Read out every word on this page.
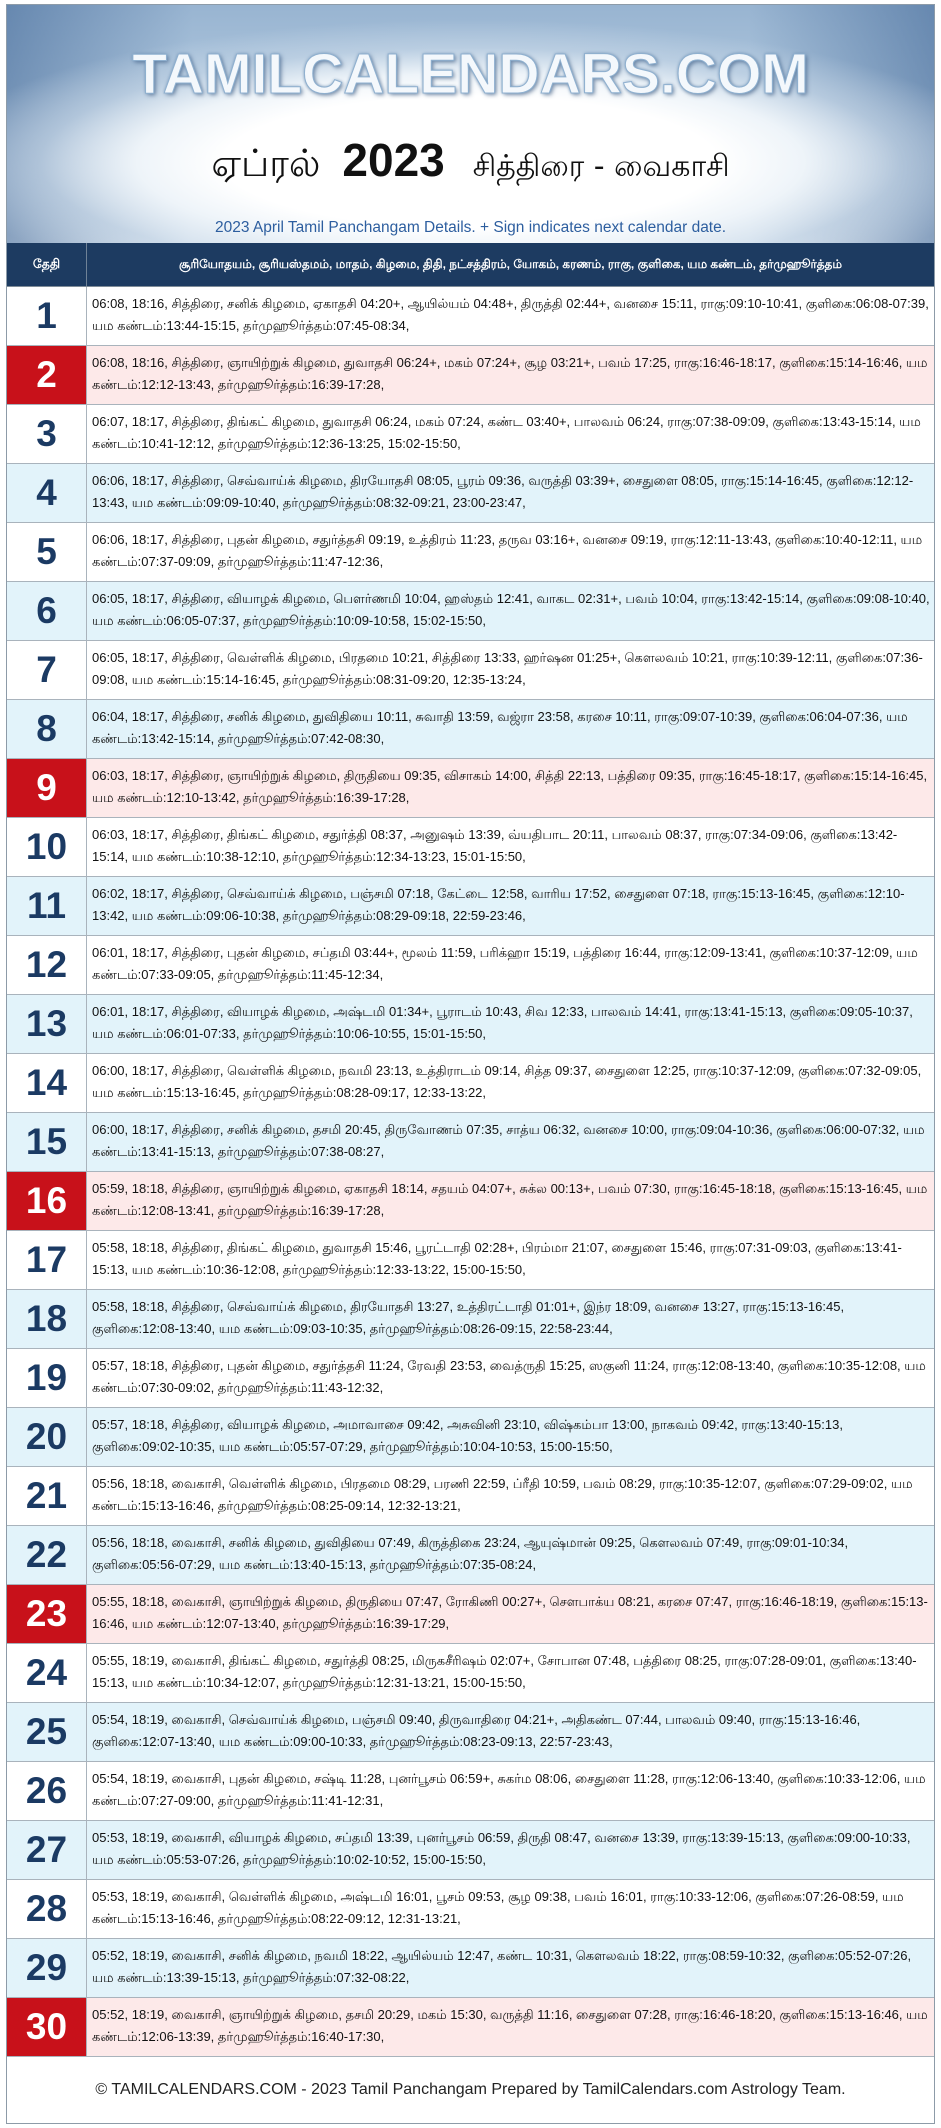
TAMILCALENDARS.COM
ஏப்ரல் 2023 சித்திரை - வைகாசி
2023 April Tamil Panchangam Details. + Sign indicates next calendar date.
தேதி	சூரியோதயம், சூரியஸ்தமம், மாதம், கிழமை, திதி, நட்சத்திரம், யோகம், கரணம், ராகு, குளிகை, யம கண்டம், தர்முஹூர்த்தம்
1	06:08, 18:16, சித்திரை, சனிக் கிழமை, ஏகாதசி 04:20+, ஆயில்யம் 04:48+, திருத்தி 02:44+, வனசை 15:11, ராகு:09:10-10:41, குளிகை:06:08-07:39, யம கண்டம்:13:44-15:15, தர்முஹூர்த்தம்:07:45-08:34,
2	06:08, 18:16, சித்திரை, ஞாயிற்றுக் கிழமை, துவாதசி 06:24+, மகம் 07:24+, சூழ 03:21+, பவம் 17:25, ராகு:16:46-18:17, குளிகை:15:14-16:46, யம கண்டம்:12:12-13:43, தர்முஹூர்த்தம்:16:39-17:28,
3	06:07, 18:17, சித்திரை, திங்கட் கிழமை, துவாதசி 06:24, மகம் 07:24, கண்ட 03:40+, பாலவம் 06:24, ராகு:07:38-09:09, குளிகை:13:43-15:14, யம கண்டம்:10:41-12:12, தர்முஹூர்த்தம்:12:36-13:25, 15:02-15:50,
4	06:06, 18:17, சித்திரை, செவ்வாய்க் கிழமை, திரயோதசி 08:05, பூரம் 09:36, வருத்தி 03:39+, சைதுளை 08:05, ராகு:15:14-16:45, குளிகை:12:12-13:43, யம கண்டம்:09:09-10:40, தர்முஹூர்த்தம்:08:32-09:21, 23:00-23:47,
5	06:06, 18:17, சித்திரை, புதன் கிழமை, சதுர்த்தசி 09:19, உத்திரம் 11:23, தருவ 03:16+, வனசை 09:19, ராகு:12:11-13:43, குளிகை:10:40-12:11, யம கண்டம்:07:37-09:09, தர்முஹூர்த்தம்:11:47-12:36,
6	06:05, 18:17, சித்திரை, வியாழக் கிழமை, பௌர்ணமி 10:04, ஹஸ்தம் 12:41, வாகட 02:31+, பவம் 10:04, ராகு:13:42-15:14, குளிகை:09:08-10:40, யம கண்டம்:06:05-07:37, தர்முஹூர்த்தம்:10:09-10:58, 15:02-15:50,
7	06:05, 18:17, சித்திரை, வெள்ளிக் கிழமை, பிரதமை 10:21, சித்திரை 13:33, ஹர்ஷன 01:25+, கௌலவம் 10:21, ராகு:10:39-12:11, குளிகை:07:36-09:08, யம கண்டம்:15:14-16:45, தர்முஹூர்த்தம்:08:31-09:20, 12:35-13:24,
8	06:04, 18:17, சித்திரை, சனிக் கிழமை, துவிதியை 10:11, சுவாதி 13:59, வஜ்ரா 23:58, கரசை 10:11, ராகு:09:07-10:39, குளிகை:06:04-07:36, யம கண்டம்:13:42-15:14, தர்முஹூர்த்தம்:07:42-08:30,
9	06:03, 18:17, சித்திரை, ஞாயிற்றுக் கிழமை, திருதியை 09:35, விசாகம் 14:00, சித்தி 22:13, பத்திரை 09:35, ராகு:16:45-18:17, குளிகை:15:14-16:45, யம கண்டம்:12:10-13:42, தர்முஹூர்த்தம்:16:39-17:28,
10	06:03, 18:17, சித்திரை, திங்கட் கிழமை, சதுர்த்தி 08:37, அனுஷம் 13:39, வ்யதிபாட 20:11, பாலவம் 08:37, ராகு:07:34-09:06, குளிகை:13:42-15:14, யம கண்டம்:10:38-12:10, தர்முஹூர்த்தம்:12:34-13:23, 15:01-15:50,
11	06:02, 18:17, சித்திரை, செவ்வாய்க் கிழமை, பஞ்சமி 07:18, கேட்டை 12:58, வாரிய 17:52, சைதுளை 07:18, ராகு:15:13-16:45, குளிகை:12:10-13:42, யம கண்டம்:09:06-10:38, தர்முஹூர்த்தம்:08:29-09:18, 22:59-23:46,
12	06:01, 18:17, சித்திரை, புதன் கிழமை, சப்தமி 03:44+, மூலம் 11:59, பரிக்ஹா 15:19, பத்திரை 16:44, ராகு:12:09-13:41, குளிகை:10:37-12:09, யம கண்டம்:07:33-09:05, தர்முஹூர்த்தம்:11:45-12:34,
13	06:01, 18:17, சித்திரை, வியாழக் கிழமை, அஷ்டமி 01:34+, பூராடம் 10:43, சிவ 12:33, பாலவம் 14:41, ராகு:13:41-15:13, குளிகை:09:05-10:37, யம கண்டம்:06:01-07:33, தர்முஹூர்த்தம்:10:06-10:55, 15:01-15:50,
14	06:00, 18:17, சித்திரை, வெள்ளிக் கிழமை, நவமி 23:13, உத்திராடம் 09:14, சித்த 09:37, சைதுளை 12:25, ராகு:10:37-12:09, குளிகை:07:32-09:05, யம கண்டம்:15:13-16:45, தர்முஹூர்த்தம்:08:28-09:17, 12:33-13:22,
15	06:00, 18:17, சித்திரை, சனிக் கிழமை, தசமி 20:45, திருவோணம் 07:35, சாத்ய 06:32, வனசை 10:00, ராகு:09:04-10:36, குளிகை:06:00-07:32, யம கண்டம்:13:41-15:13, தர்முஹூர்த்தம்:07:38-08:27,
16	05:59, 18:18, சித்திரை, ஞாயிற்றுக் கிழமை, ஏகாதசி 18:14, சதயம் 04:07+, சுக்ல 00:13+, பவம் 07:30, ராகு:16:45-18:18, குளிகை:15:13-16:45, யம கண்டம்:12:08-13:41, தர்முஹூர்த்தம்:16:39-17:28,
17	05:58, 18:18, சித்திரை, திங்கட் கிழமை, துவாதசி 15:46, பூரட்டாதி 02:28+, பிரம்மா 21:07, சைதுளை 15:46, ராகு:07:31-09:03, குளிகை:13:41-15:13, யம கண்டம்:10:36-12:08, தர்முஹூர்த்தம்:12:33-13:22, 15:00-15:50,
18	05:58, 18:18, சித்திரை, செவ்வாய்க் கிழமை, திரயோதசி 13:27, உத்திரட்டாதி 01:01+, இந்ர 18:09, வனசை 13:27, ராகு:15:13-16:45, குளிகை:12:08-13:40, யம கண்டம்:09:03-10:35, தர்முஹூர்த்தம்:08:26-09:15, 22:58-23:44,
19	05:57, 18:18, சித்திரை, புதன் கிழமை, சதுர்த்தசி 11:24, ரேவதி 23:53, வைத்ருதி 15:25, ஸகுனி 11:24, ராகு:12:08-13:40, குளிகை:10:35-12:08, யம கண்டம்:07:30-09:02, தர்முஹூர்த்தம்:11:43-12:32,
20	05:57, 18:18, சித்திரை, வியாழக் கிழமை, அமாவாசை 09:42, அசுவினி 23:10, விஷ்கம்பா 13:00, நாகவம் 09:42, ராகு:13:40-15:13, குளிகை:09:02-10:35, யம கண்டம்:05:57-07:29, தர்முஹூர்த்தம்:10:04-10:53, 15:00-15:50,
21	05:56, 18:18, வைகாசி, வெள்ளிக் கிழமை, பிரதமை 08:29, பரணி 22:59, ப்ரீதி 10:59, பவம் 08:29, ராகு:10:35-12:07, குளிகை:07:29-09:02, யம கண்டம்:15:13-16:46, தர்முஹூர்த்தம்:08:25-09:14, 12:32-13:21,
22	05:56, 18:18, வைகாசி, சனிக் கிழமை, துவிதியை 07:49, கிருத்திகை 23:24, ஆயுஷ்மான் 09:25, கௌலவம் 07:49, ராகு:09:01-10:34, குளிகை:05:56-07:29, யம கண்டம்:13:40-15:13, தர்முஹூர்த்தம்:07:35-08:24,
23	05:55, 18:18, வைகாசி, ஞாயிற்றுக் கிழமை, திருதியை 07:47, ரோகிணி 00:27+, சௌபாக்ய 08:21, கரசை 07:47, ராகு:16:46-18:19, குளிகை:15:13-16:46, யம கண்டம்:12:07-13:40, தர்முஹூர்த்தம்:16:39-17:29,
24	05:55, 18:19, வைகாசி, திங்கட் கிழமை, சதுர்த்தி 08:25, மிருகசீரிஷம் 02:07+, சோபான 07:48, பத்திரை 08:25, ராகு:07:28-09:01, குளிகை:13:40-15:13, யம கண்டம்:10:34-12:07, தர்முஹூர்த்தம்:12:31-13:21, 15:00-15:50,
25	05:54, 18:19, வைகாசி, செவ்வாய்க் கிழமை, பஞ்சமி 09:40, திருவாதிரை 04:21+, அதிகண்ட 07:44, பாலவம் 09:40, ராகு:15:13-16:46, குளிகை:12:07-13:40, யம கண்டம்:09:00-10:33, தர்முஹூர்த்தம்:08:23-09:13, 22:57-23:43,
26	05:54, 18:19, வைகாசி, புதன் கிழமை, சஷ்டி 11:28, புனர்பூசம் 06:59+, சுகர்ம 08:06, சைதுளை 11:28, ராகு:12:06-13:40, குளிகை:10:33-12:06, யம கண்டம்:07:27-09:00, தர்முஹூர்த்தம்:11:41-12:31,
27	05:53, 18:19, வைகாசி, வியாழக் கிழமை, சப்தமி 13:39, புனர்பூசம் 06:59, திருதி 08:47, வனசை 13:39, ராகு:13:39-15:13, குளிகை:09:00-10:33, யம கண்டம்:05:53-07:26, தர்முஹூர்த்தம்:10:02-10:52, 15:00-15:50,
28	05:53, 18:19, வைகாசி, வெள்ளிக் கிழமை, அஷ்டமி 16:01, பூசம் 09:53, சூழ 09:38, பவம் 16:01, ராகு:10:33-12:06, குளிகை:07:26-08:59, யம கண்டம்:15:13-16:46, தர்முஹூர்த்தம்:08:22-09:12, 12:31-13:21,
29	05:52, 18:19, வைகாசி, சனிக் கிழமை, நவமி 18:22, ஆயில்யம் 12:47, கண்ட 10:31, கௌலவம் 18:22, ராகு:08:59-10:32, குளிகை:05:52-07:26, யம கண்டம்:13:39-15:13, தர்முஹூர்த்தம்:07:32-08:22,
30	05:52, 18:19, வைகாசி, ஞாயிற்றுக் கிழமை, தசமி 20:29, மகம் 15:30, வருத்தி 11:16, சைதுளை 07:28, ராகு:16:46-18:20, குளிகை:15:13-16:46, யம கண்டம்:12:06-13:39, தர்முஹூர்த்தம்:16:40-17:30,
© TAMILCALENDARS.COM - 2023 Tamil Panchangam Prepared by TamilCalendars.com Astrology Team.
